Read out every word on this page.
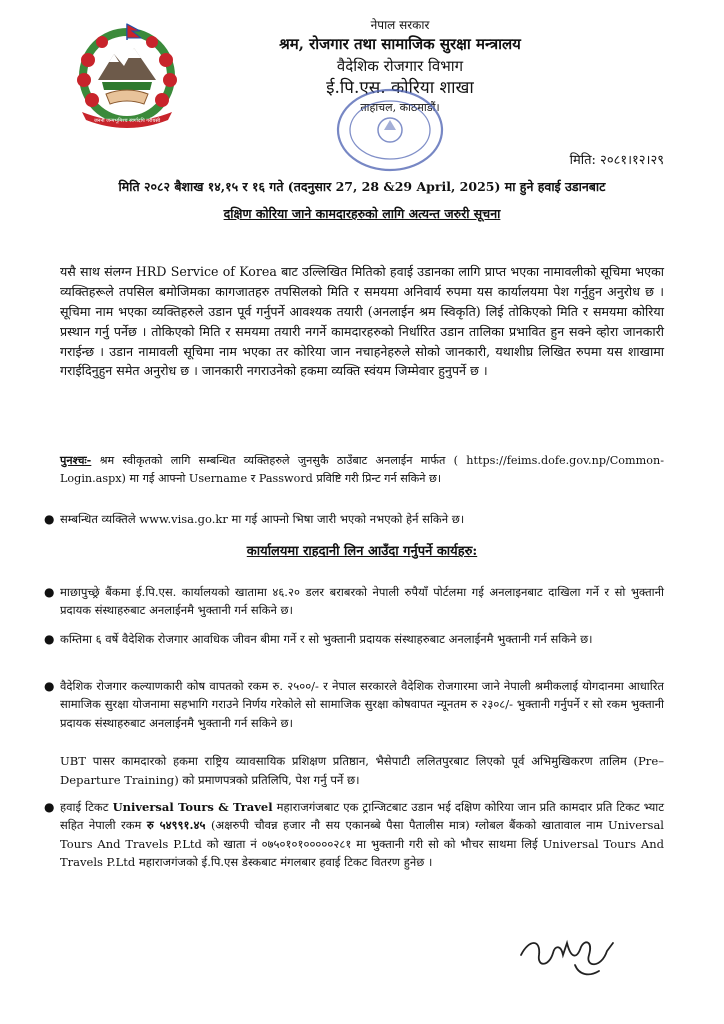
जननी जन्मभूमिश्च स्वर्गादपि गरीयसी
नेपाल सरकार
श्रम, रोजगार तथा सामाजिक सुरक्षा मन्त्रालय
वैदेशिक रोजगार विभाग
ई.पि.एस. कोरिया शाखा
ताहाचल, काठमाडौं।
मिति: २०८१।१२।२९
मिति २०८२ बैशाख १४,१५ र १६ गते (तदनुसार 27, 28 &29 April, 2025) मा हुने हवाई उडानबाट
दक्षिण कोरिया जाने कामदारहरुको लागि अत्यन्त जरुरी सूचना

यसै साथ संलग्न HRD Service of Korea बाट उल्लिखित मितिको हवाई उडानका लागि प्राप्त भएका नामावलीको सूचिमा भएका व्यक्तिहरूले तपसिल बमोजिमका कागजातहरु तपसिलको मिति र समयमा अनिवार्य रुपमा यस कार्यालयमा पेश गर्नुहुन अनुरोध छ । सूचिमा नाम भएका व्यक्तिहरुले उडान पूर्व गर्नुपर्ने आवश्यक तयारी (अनलाईन श्रम स्विकृति) लिई तोकिएको मिति र समयमा कोरिया प्रस्थान गर्नु पर्नेछ । तोकिएको मिति र समयमा तयारी नगर्ने कामदारहरुको निर्धारित उडान तालिका प्रभावित हुन सक्ने व्होरा जानकारी गराईन्छ । उडान नामावली सूचिमा नाम भएका तर कोरिया जान नचाहनेहरुले सोको जानकारी, यथाशीघ्र लिखित रुपमा यस शाखामा गराईदिनुहुन समेत अनुरोध छ । जानकारी नगराउनेको हकमा व्यक्ति स्वंयम जिम्मेवार हुनुपर्ने छ ।

पुनश्चः- श्रम स्वीकृतको लागि सम्बन्धित व्यक्तिहरुले जुनसुकै ठाउँबाट अनलाईन मार्फत ( https://feims.dofe.gov.np/Common-Login.aspx) मा गई आफ्नो Username र Password प्रविष्टि गरी प्रिन्ट गर्न सकिने छ।

● सम्बन्धित व्यक्तिले www.visa.go.kr मा गई आफ्नो भिषा जारी भएको नभएको हेर्न सकिने छ।
कार्यालयमा राहदानी लिन आउँदा गर्नुपर्ने कार्यहरु:
● माछापुच्छ्रे बैंकमा ई.पि.एस. कार्यालयको खातामा ४६.२० डलर बराबरको नेपाली रुपैयाँ पोर्टलमा गई अनलाइनबाट दाखिला गर्ने र सो भुक्तानी प्रदायक संस्थाहरुबाट अनलाईनमै भुक्तानी गर्न सकिने छ।
● कम्तिमा ६ वर्षे वैदेशिक रोजगार आवधिक जीवन बीमा गर्ने र सो भुक्तानी प्रदायक संस्थाहरुबाट अनलाईनमै भुक्तानी गर्न सकिने छ।
● वैदेशिक रोजगार कल्याणकारी कोष वापतको रकम रु. २५००/- र नेपाल सरकारले वैदेशिक रोजगारमा जाने नेपाली श्रमीकलाई योगदानमा आधारित सामाजिक सुरक्षा योजनामा सहभागि गराउने निर्णय गरेकोले सो सामाजिक सुरक्षा कोषवापत न्यूनतम रु २३०८/- भुक्तानी गर्नुपर्ने र सो रकम भुक्तानी प्रदायक संस्थाहरुबाट अनलाईनमै भुक्तानी गर्न सकिने छ।

UBT पासर कामदारको हकमा राष्ट्रिय व्यावसायिक प्रशिक्षण प्रतिष्ठान, भैसेपाटी ललितपुरबाट लिएको पूर्व अभिमुखिकरण तालिम (Pre–Departure Training) को प्रमाणपत्रको प्रतिलिपि, पेश गर्नु पर्ने छ।

● हवाई टिकट Universal Tours & Travel महाराजगंजबाट एक ट्रान्जिटबाट उडान भई दक्षिण कोरिया जान प्रति कामदार प्रति टिकट भ्याट सहित नेपाली रकम रु ५४९९१.४५ (अक्षरुपी चौवन्न हजार नौ सय एकानब्बे पैसा पैतालीस मात्र) ग्लोबल बैंकको खातावाल नाम Universal Tours And Travels P.Ltd को खाता नं ०७५०१०१०००००२८१ मा भुक्तानी गरी सो को भौचर साथमा लिई Universal Tours And Travels P.Ltd महाराजगंजको ई.पि.एस डेस्कबाट मंगलबार हवाई टिकट वितरण हुनेछ ।
